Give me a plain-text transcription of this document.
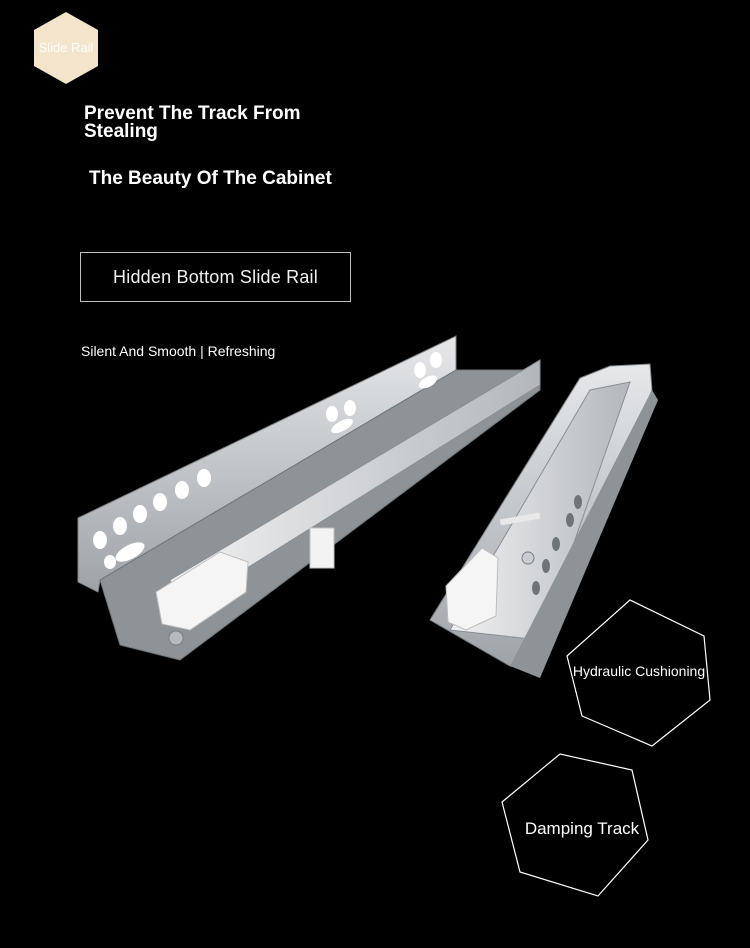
Slide Rail
Prevent The Track From Stealing
The Beauty Of The Cabinet
Hidden Bottom Slide Rail
Silent And Smooth | Refreshing
Hydraulic Cushioning
Damping Track
